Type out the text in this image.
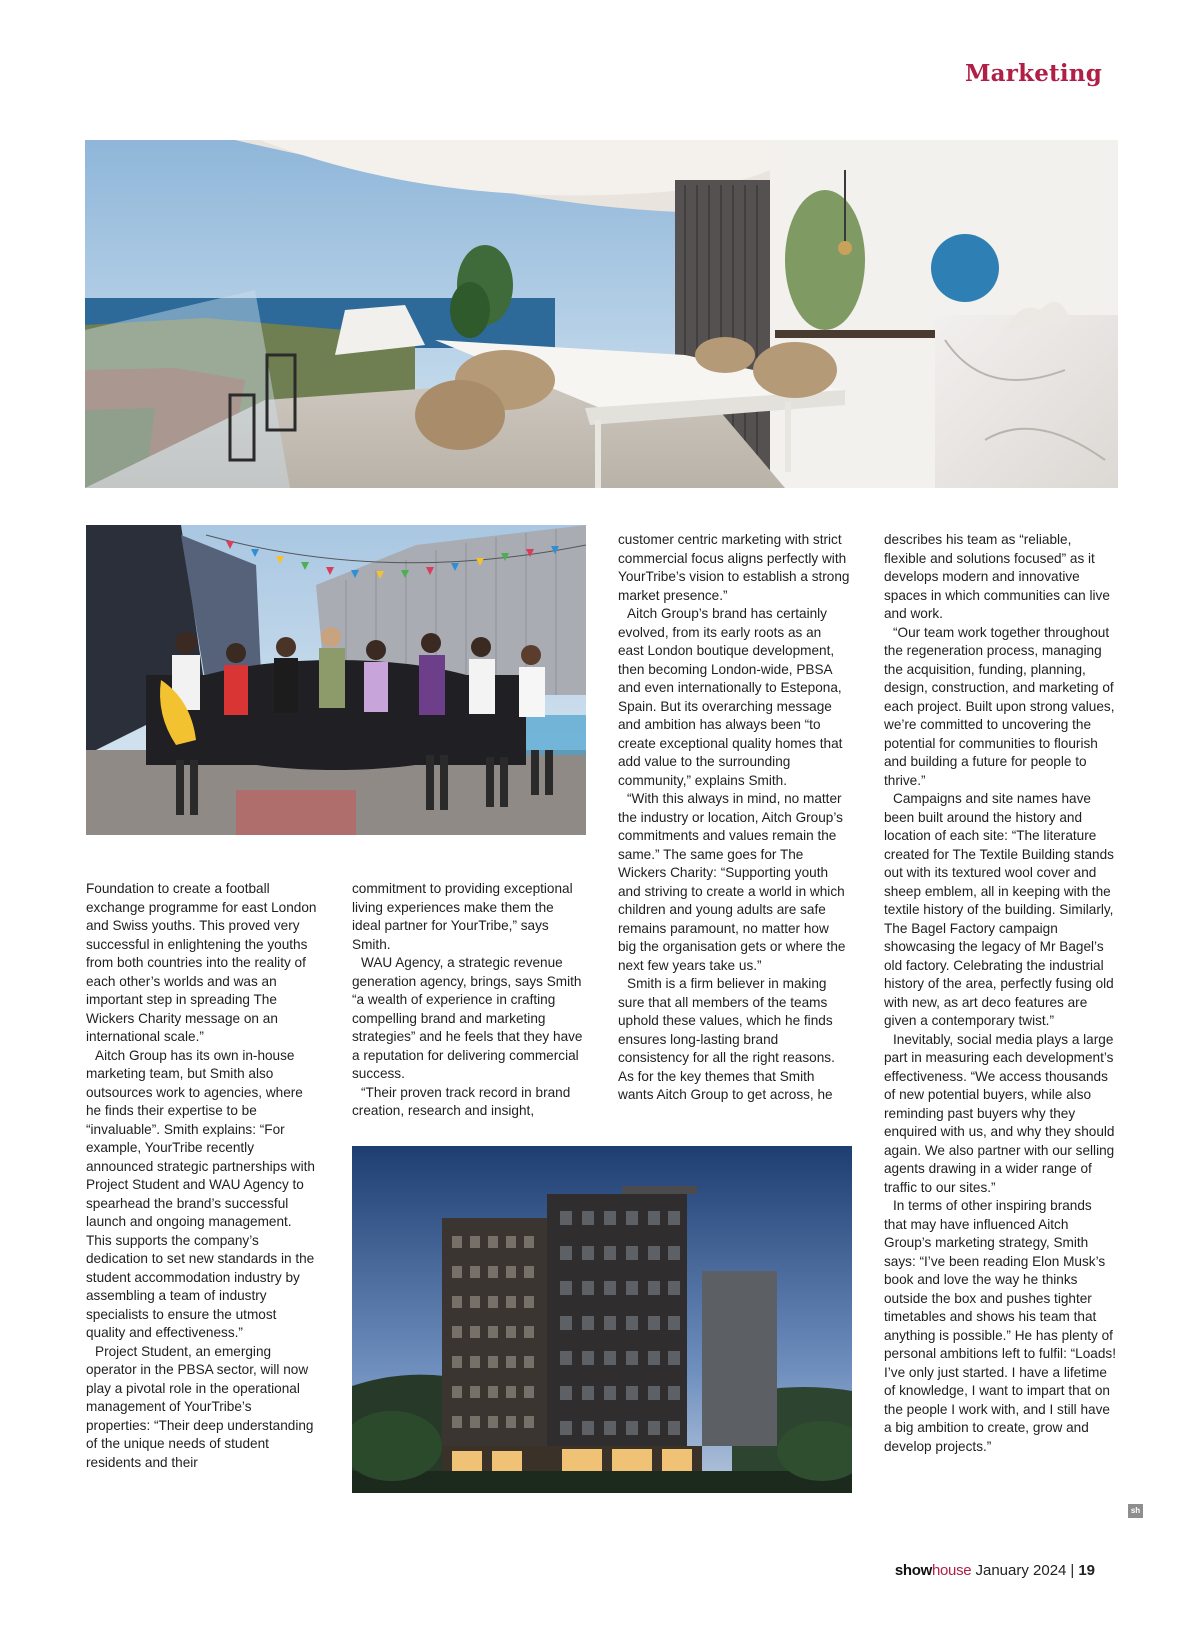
Marketing

Foundation to create a football exchange programme for east London and Swiss youths. This proved very successful in enlightening the youths from both countries into the reality of each other’s worlds and was an important step in spreading The Wickers Charity message on an international scale.”

Aitch Group has its own in-house marketing team, but Smith also outsources work to agencies, where he finds their expertise to be “invaluable”. Smith explains: “For example, YourTribe recently announced strategic partnerships with Project Student and WAU Agency to spearhead the brand’s successful launch and ongoing management. This supports the company’s dedication to set new standards in the student accommodation industry by assembling a team of industry specialists to ensure the utmost quality and effectiveness.”

Project Student, an emerging operator in the PBSA sector, will now play a pivotal role in the operational management of YourTribe’s properties: “Their deep understanding of the unique needs of student residents and their

commitment to providing exceptional living experiences make them the ideal partner for YourTribe,” says Smith.

WAU Agency, a strategic revenue generation agency, brings, says Smith “a wealth of experience in crafting compelling brand and marketing strategies” and he feels that they have a reputation for delivering commercial success.

“Their proven track record in brand creation, research and insight,

customer centric marketing with strict commercial focus aligns perfectly with YourTribe’s vision to establish a strong market presence.”

Aitch Group’s brand has certainly evolved, from its early roots as an east London boutique development, then becoming London-wide, PBSA and even internationally to Estepona, Spain. But its overarching message and ambition has always been “to create exceptional quality homes that add value to the surrounding community,” explains Smith.

“With this always in mind, no matter the industry or location, Aitch Group’s commitments and values remain the same.” The same goes for The Wickers Charity: “Supporting youth and striving to create a world in which children and young adults are safe remains paramount, no matter how big the organisation gets or where the next few years take us.”

Smith is a firm believer in making sure that all members of the teams uphold these values, which he finds ensures long-lasting brand consistency for all the right reasons. As for the key themes that Smith wants Aitch Group to get across, he

describes his team as “reliable, flexible and solutions focused” as it develops modern and innovative spaces in which communities can live and work.

“Our team work together throughout the regeneration process, managing the acquisition, funding, planning, design, construction, and marketing of each project. Built upon strong values, we’re committed to uncovering the potential for communities to flourish and building a future for people to thrive.”

Campaigns and site names have been built around the history and location of each site: “The literature created for The Textile Building stands out with its textured wool cover and sheep emblem, all in keeping with the textile history of the building. Similarly, The Bagel Factory campaign showcasing the legacy of Mr Bagel’s old factory. Celebrating the industrial history of the area, perfectly fusing old with new, as art deco features are given a contemporary twist.”

Inevitably, social media plays a large part in measuring each development’s effectiveness. “We access thousands of new potential buyers, while also reminding past buyers why they enquired with us, and why they should again. We also partner with our selling agents drawing in a wider range of traffic to our sites.”

In terms of other inspiring brands that may have influenced Aitch Group’s marketing strategy, Smith says: “I’ve been reading Elon Musk’s book and love the way he thinks outside the box and pushes tighter timetables and shows his team that anything is possible.” He has plenty of personal ambitions left to fulfil: “Loads! I’ve only just started. I have a lifetime of knowledge, I want to impart that on the people I work with, and I still have a big ambition to create, grow and develop projects.”

sh
showhouse January 2024 | 19
